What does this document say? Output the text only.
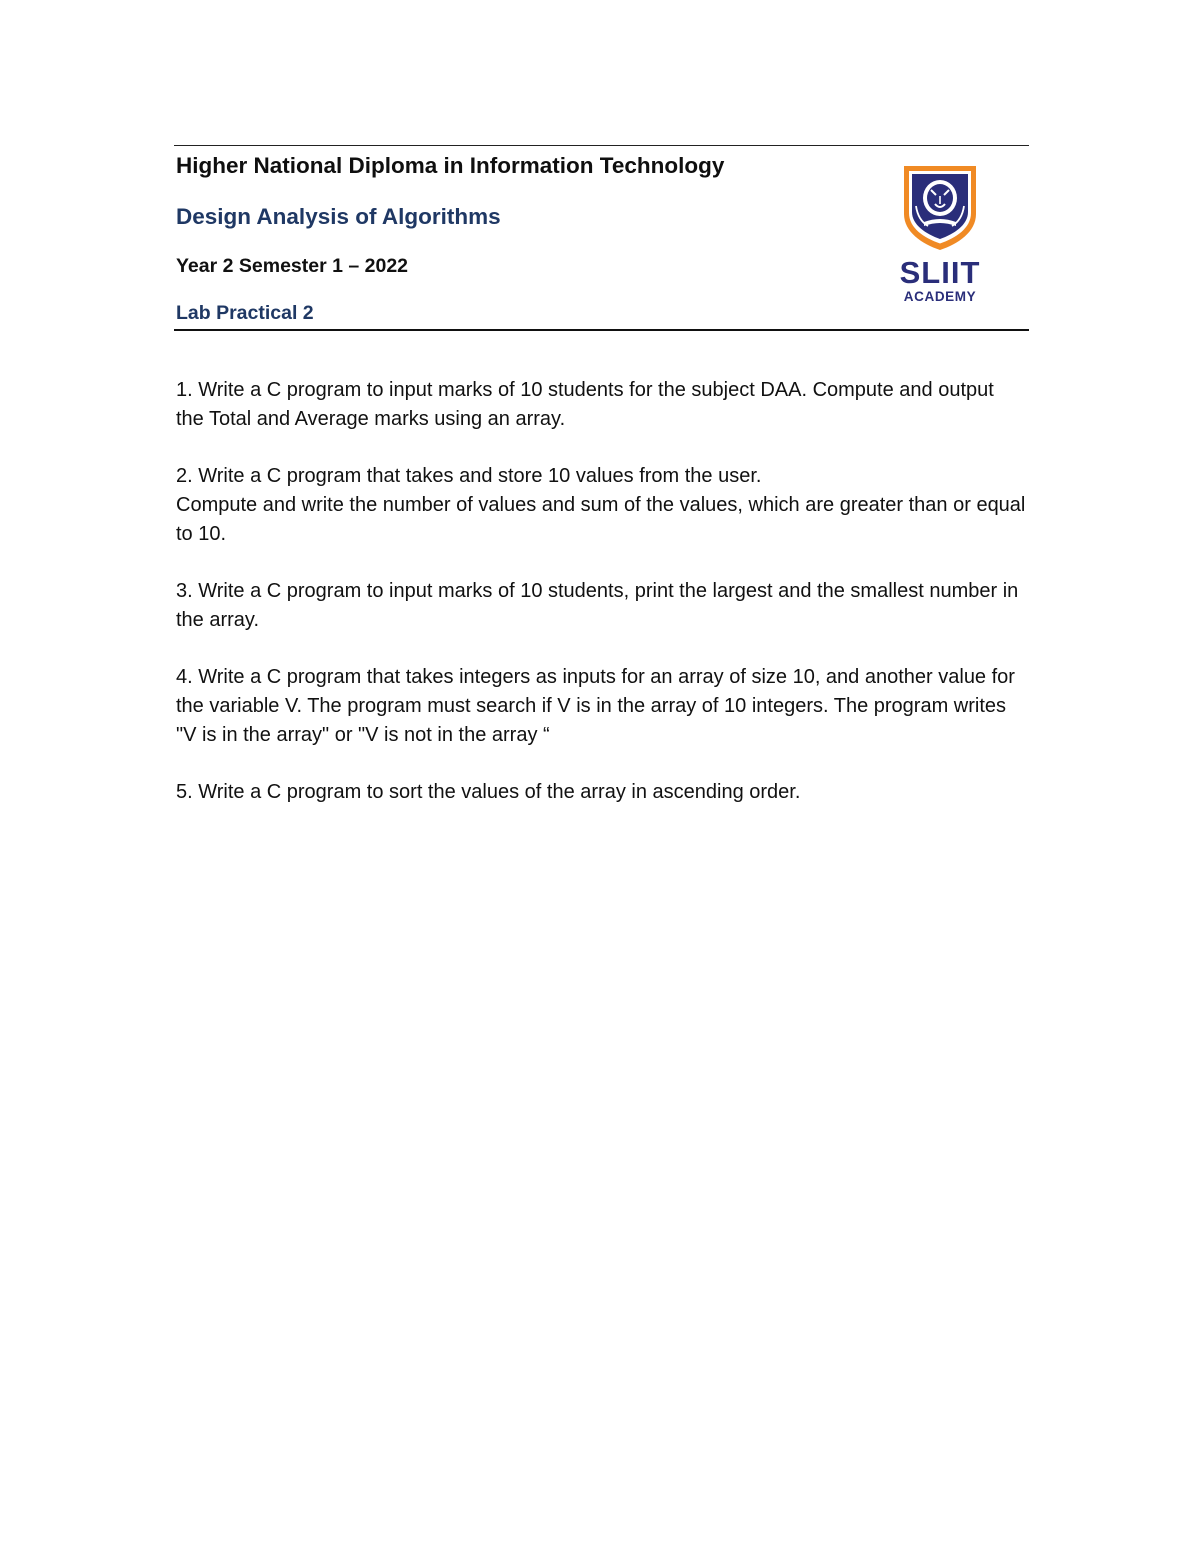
Higher National Diploma in Information Technology

Design Analysis of Algorithms

Year 2 Semester 1 – 2022

Lab Practical 2

SLIIT

ACADEMY

1. Write a C program to input marks of 10 students for the subject DAA. Compute and output the Total and Average marks using an array.

2. Write a C program that takes and store 10 values from the user.

Compute and write the number of values and sum of the values, which are greater than or equal to 10.

3. Write a C program to input marks of 10 students, print the largest and the smallest number in the array.

4. Write a C program that takes integers as inputs for an array of size 10, and another value for the variable V. The program must search if V is in the array of 10 integers. The program writes "V is in the array" or "V is not in the array “

5. Write a C program to sort the values of the array in ascending order.
